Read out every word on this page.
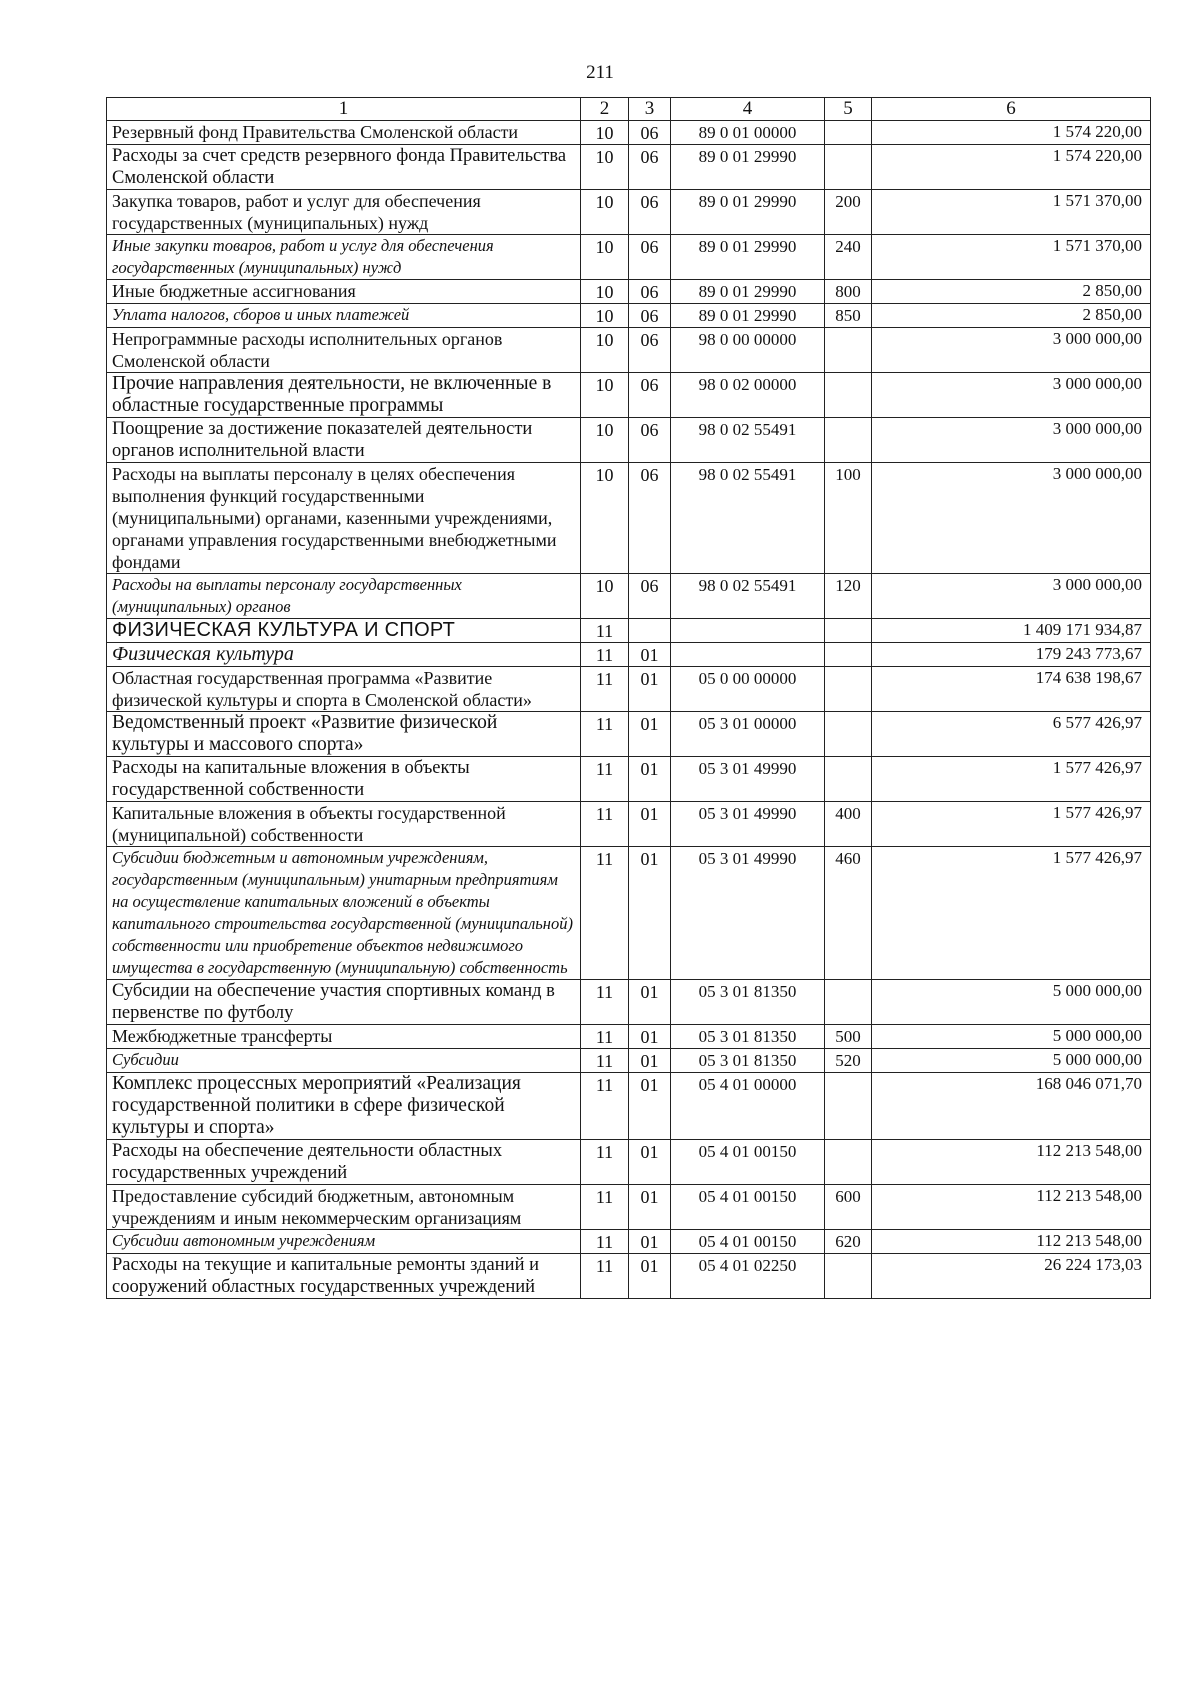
211
1	2	3	4	5	6
Резервный фонд Правительства Смоленской области	10	06	89 0 01 00000		1 574 220,00
Расходы за счет средств резервного фонда Правительства Смоленской области	10	06	89 0 01 29990		1 574 220,00
Закупка товаров, работ и услуг для обеспечения государственных (муниципальных) нужд	10	06	89 0 01 29990	200	1 571 370,00
Иные закупки товаров, работ и услуг для обеспечения государственных (муниципальных) нужд	10	06	89 0 01 29990	240	1 571 370,00
Иные бюджетные ассигнования	10	06	89 0 01 29990	800	2 850,00
Уплата налогов, сборов и иных платежей	10	06	89 0 01 29990	850	2 850,00
Непрограммные расходы исполнительных органов Смоленской области	10	06	98 0 00 00000		3 000 000,00
Прочие направления деятельности, не включенные в областные государственные программы	10	06	98 0 02 00000		3 000 000,00
Поощрение за достижение показателей деятельности органов исполнительной власти	10	06	98 0 02 55491		3 000 000,00
Расходы на выплаты персоналу в целях обеспечения выполнения функций государственными (муниципальными) органами, казенными учреждениями, органами управления государственными внебюджетными фондами	10	06	98 0 02 55491	100	3 000 000,00
Расходы на выплаты персоналу государственных (муниципальных) органов	10	06	98 0 02 55491	120	3 000 000,00
ФИЗИЧЕСКАЯ КУЛЬТУРА И СПОРТ	11				1 409 171 934,87
Физическая культура	11	01			179 243 773,67
Областная государственная программа «Развитие физической культуры и спорта в Смоленской области»	11	01	05 0 00 00000		174 638 198,67
Ведомственный проект «Развитие физической культуры и массового спорта»	11	01	05 3 01 00000		6 577 426,97
Расходы на капитальные вложения в объекты государственной собственности	11	01	05 3 01 49990		1 577 426,97
Капитальные вложения в объекты государственной (муниципальной) собственности	11	01	05 3 01 49990	400	1 577 426,97
Субсидии бюджетным и автономным учреждениям, государственным (муниципальным) унитарным предприятиям на осуществление капитальных вложений в объекты капитального строительства государственной (муниципальной) собственности или приобретение объектов недвижимого имущества в государственную (муниципальную) собственность	11	01	05 3 01 49990	460	1 577 426,97
Субсидии на обеспечение участия спортивных команд в первенстве по футболу	11	01	05 3 01 81350		5 000 000,00
Межбюджетные трансферты	11	01	05 3 01 81350	500	5 000 000,00
Субсидии	11	01	05 3 01 81350	520	5 000 000,00
Комплекс процессных мероприятий «Реализация государственной политики в сфере физической культуры и спорта»	11	01	05 4 01 00000		168 046 071,70
Расходы на обеспечение деятельности областных государственных учреждений	11	01	05 4 01 00150		112 213 548,00
Предоставление субсидий бюджетным, автономным учреждениям и иным некоммерческим организациям	11	01	05 4 01 00150	600	112 213 548,00
Субсидии автономным учреждениям	11	01	05 4 01 00150	620	112 213 548,00
Расходы на текущие и капитальные ремонты зданий и сооружений областных государственных учреждений	11	01	05 4 01 02250		26 224 173,03
